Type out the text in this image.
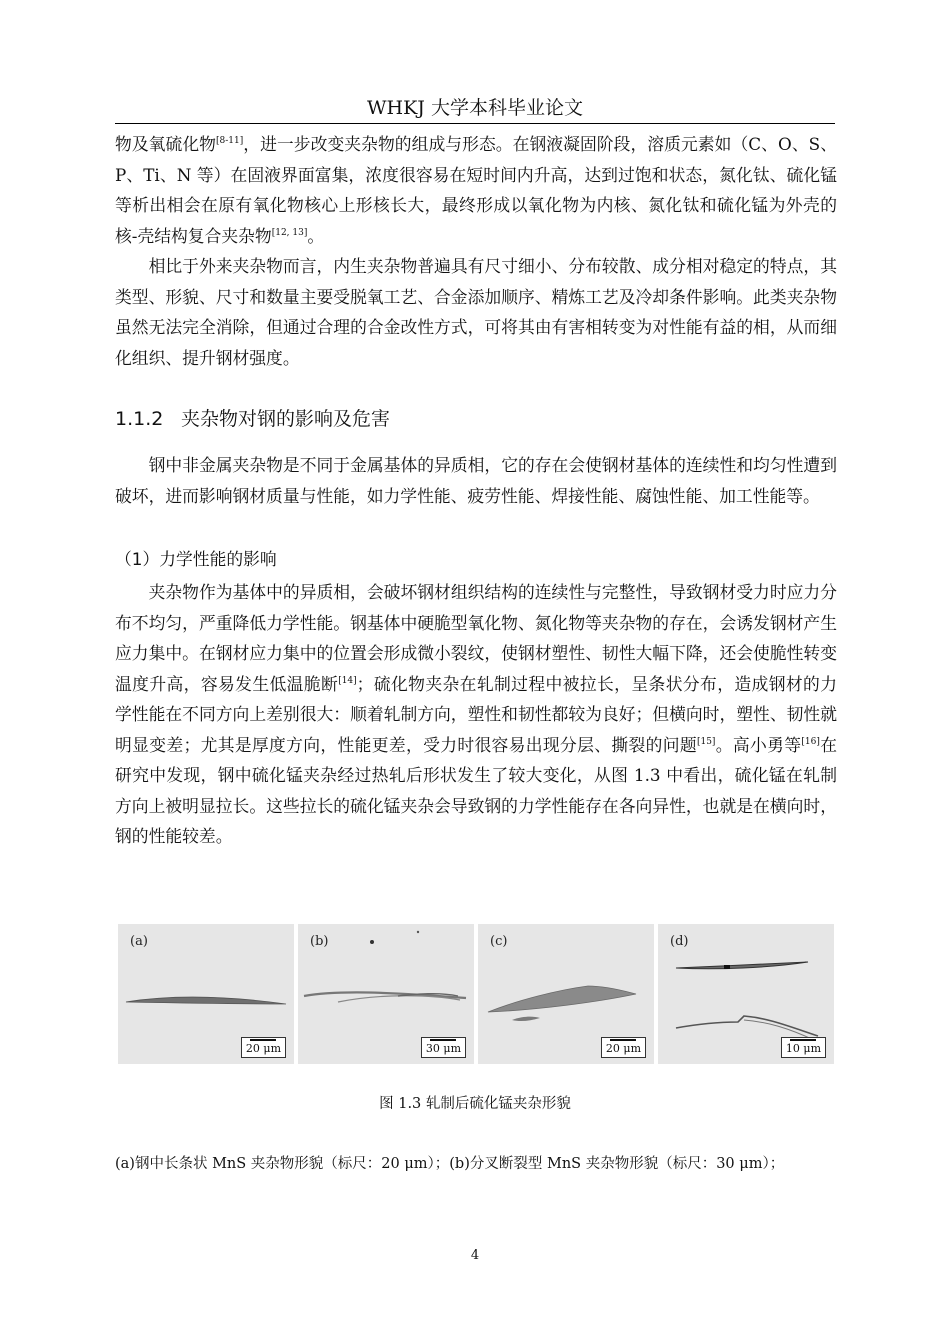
WHKJ 大学本科毕业论文

物及氧硫化物[8-11]，进一步改变夹杂物的组成与形态。在钢液凝固阶段，溶质元素如（C、O、S、P、Ti、N 等）在固液界面富集，浓度很容易在短时间内升高，达到过饱和状态，氮化钛、硫化锰等析出相会在原有氧化物核心上形核长大，最终形成以氧化物为内核、氮化钛和硫化锰为外壳的核-壳结构复合夹杂物[12, 13]。

相比于外来夹杂物而言，内生夹杂物普遍具有尺寸细小、分布较散、成分相对稳定的特点，其类型、形貌、尺寸和数量主要受脱氧工艺、合金添加顺序、精炼工艺及冷却条件影响。此类夹杂物虽然无法完全消除，但通过合理的合金改性方式，可将其由有害相转变为对性能有益的相，从而细化组织、提升钢材强度。

1.1.2 夹杂物对钢的影响及危害

钢中非金属夹杂物是不同于金属基体的异质相，它的存在会使钢材基体的连续性和均匀性遭到破坏，进而影响钢材质量与性能，如力学性能、疲劳性能、焊接性能、腐蚀性能、加工性能等。

（1）力学性能的影响

夹杂物作为基体中的异质相，会破坏钢材组织结构的连续性与完整性，导致钢材受力时应力分布不均匀，严重降低力学性能。钢基体中硬脆型氧化物、氮化物等夹杂物的存在，会诱发钢材产生应力集中。在钢材应力集中的位置会形成微小裂纹，使钢材塑性、韧性大幅下降，还会使脆性转变温度升高，容易发生低温脆断[14]；硫化物夹杂在轧制过程中被拉长，呈条状分布，造成钢材的力学性能在不同方向上差别很大：顺着轧制方向，塑性和韧性都较为良好；但横向时，塑性、韧性就明显变差；尤其是厚度方向，性能更差，受力时很容易出现分层、撕裂的问题[15]。高小勇等[16]在研究中发现，钢中硫化锰夹杂经过热轧后形状发生了较大变化，从图 1.3 中看出，硫化锰在轧制方向上被明显拉长。这些拉长的硫化锰夹杂会导致钢的力学性能存在各向异性，也就是在横向时，钢的性能较差。

(a)
20 μm
(b)
30 μm
(c)
20 μm
(d)
10 μm
图 1.3 轧制后硫化锰夹杂形貌
(a)钢中长条状 MnS 夹杂物形貌（标尺：20 μm）；(b)分叉断裂型 MnS 夹杂物形貌（标尺：30 μm）；
4
